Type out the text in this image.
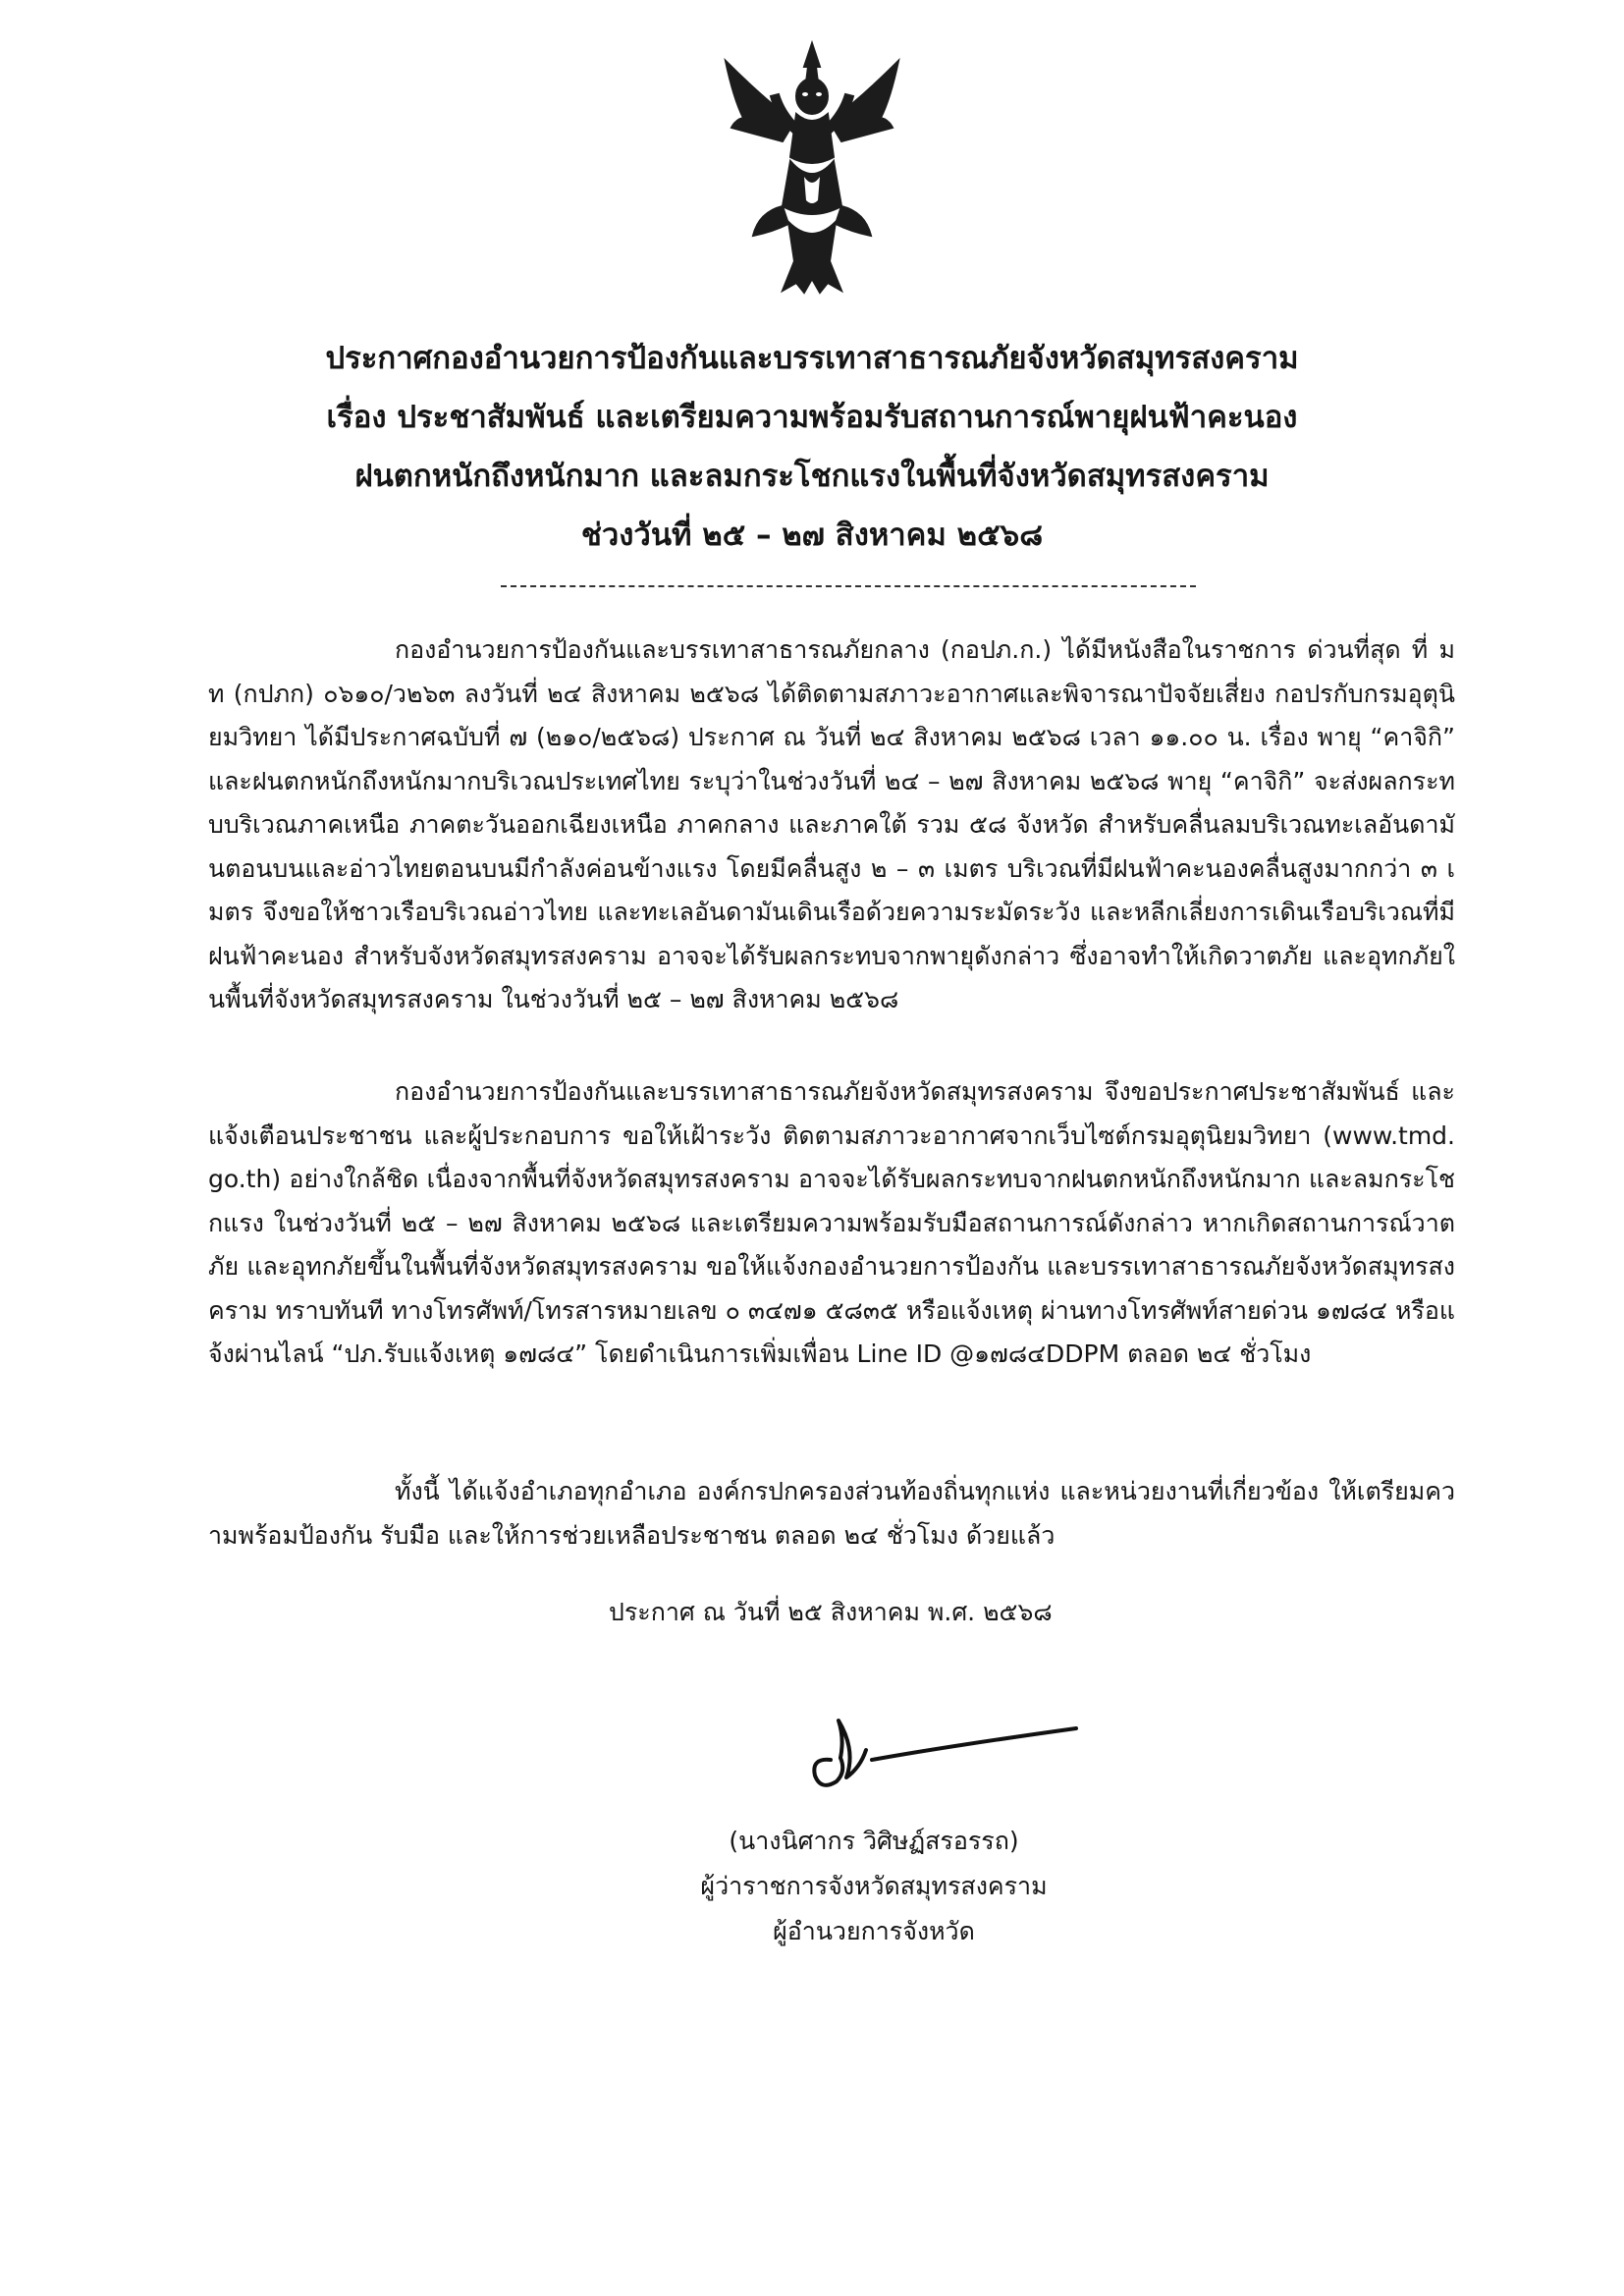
ประกาศกองอำนวยการป้องกันและบรรเทาสาธารณภัยจังหวัดสมุทรสงคราม
เรื่อง ประชาสัมพันธ์ และเตรียมความพร้อมรับสถานการณ์พายุฝนฟ้าคะนอง
ฝนตกหนักถึงหนักมาก และลมกระโชกแรงในพื้นที่จังหวัดสมุทรสงคราม
ช่วงวันที่ ๒๕ – ๒๗ สิงหาคม ๒๕๖๘

กองอำนวยการป้องกันและบรรเทาสาธารณภัยกลาง (กอปภ.ก.) ได้มีหนังสือในราชการ ด่วนที่สุด ที่ มท (กปภก) ๐๖๑๐/ว๒๖๓ ลงวันที่ ๒๔ สิงหาคม ๒๕๖๘ ได้ติดตามสภาวะอากาศและพิจารณาปัจจัยเสี่ยง กอปรกับกรมอุตุนิยมวิทยา ได้มีประกาศฉบับที่ ๗ (๒๑๐/๒๕๖๘) ประกาศ ณ วันที่ ๒๔ สิงหาคม ๒๕๖๘ เวลา ๑๑.๐๐ น. เรื่อง พายุ “คาจิกิ” และฝนตกหนักถึงหนักมากบริเวณประเทศไทย ระบุว่าในช่วงวันที่ ๒๔ – ๒๗ สิงหาคม ๒๕๖๘ พายุ “คาจิกิ” จะส่งผลกระทบบริเวณภาคเหนือ ภาคตะวันออกเฉียงเหนือ ภาคกลาง และภาคใต้ รวม ๕๘ จังหวัด สำหรับคลื่นลมบริเวณทะเลอันดามันตอนบนและอ่าวไทยตอนบนมีกำลังค่อนข้างแรง โดยมีคลื่นสูง ๒ – ๓ เมตร บริเวณที่มีฝนฟ้าคะนองคลื่นสูงมากกว่า ๓ เมตร จึงขอให้ชาวเรือบริเวณอ่าวไทย และทะเลอันดามันเดินเรือด้วยความระมัดระวัง และหลีกเลี่ยงการเดินเรือบริเวณที่มีฝนฟ้าคะนอง สำหรับจังหวัดสมุทรสงคราม อาจจะได้รับผลกระทบจากพายุดังกล่าว ซึ่งอาจทำให้เกิดวาตภัย และอุทกภัยในพื้นที่จังหวัดสมุทรสงคราม ในช่วงวันที่ ๒๕ – ๒๗ สิงหาคม ๒๕๖๘

กองอำนวยการป้องกันและบรรเทาสาธารณภัยจังหวัดสมุทรสงคราม จึงขอประกาศประชาสัมพันธ์ และแจ้งเตือนประชาชน และผู้ประกอบการ ขอให้เฝ้าระวัง ติดตามสภาวะอากาศจากเว็บไซต์กรมอุตุนิยมวิทยา (www.tmd.go.th) อย่างใกล้ชิด เนื่องจากพื้นที่จังหวัดสมุทรสงคราม อาจจะได้รับผลกระทบจากฝนตกหนักถึงหนักมาก และลมกระโชกแรง ในช่วงวันที่ ๒๕ – ๒๗ สิงหาคม ๒๕๖๘ และเตรียมความพร้อมรับมือสถานการณ์ดังกล่าว หากเกิดสถานการณ์วาตภัย และอุทกภัยขึ้นในพื้นที่จังหวัดสมุทรสงคราม ขอให้แจ้งกองอำนวยการป้องกัน และบรรเทาสาธารณภัยจังหวัดสมุทรสงคราม ทราบทันที ทางโทรศัพท์/โทรสารหมายเลข ๐ ๓๔๗๑ ๕๘๓๕ หรือแจ้งเหตุ ผ่านทางโทรศัพท์สายด่วน ๑๗๘๔ หรือแจ้งผ่านไลน์ “ปภ.รับแจ้งเหตุ ๑๗๘๔” โดยดำเนินการเพิ่มเพื่อน Line ID @๑๗๘๔DDPM ตลอด ๒๔ ชั่วโมง

ทั้งนี้ ได้แจ้งอำเภอทุกอำเภอ องค์กรปกครองส่วนท้องถิ่นทุกแห่ง และหน่วยงานที่เกี่ยวข้อง ให้เตรียมความพร้อมป้องกัน รับมือ และให้การช่วยเหลือประชาชน ตลอด ๒๔ ชั่วโมง ด้วยแล้ว

ประกาศ ณ วันที่ ๒๕ สิงหาคม พ.ศ. ๒๕๖๘
(นางนิศากร วิศิษฏ์สรอรรถ)
ผู้ว่าราชการจังหวัดสมุทรสงคราม
ผู้อำนวยการจังหวัด
